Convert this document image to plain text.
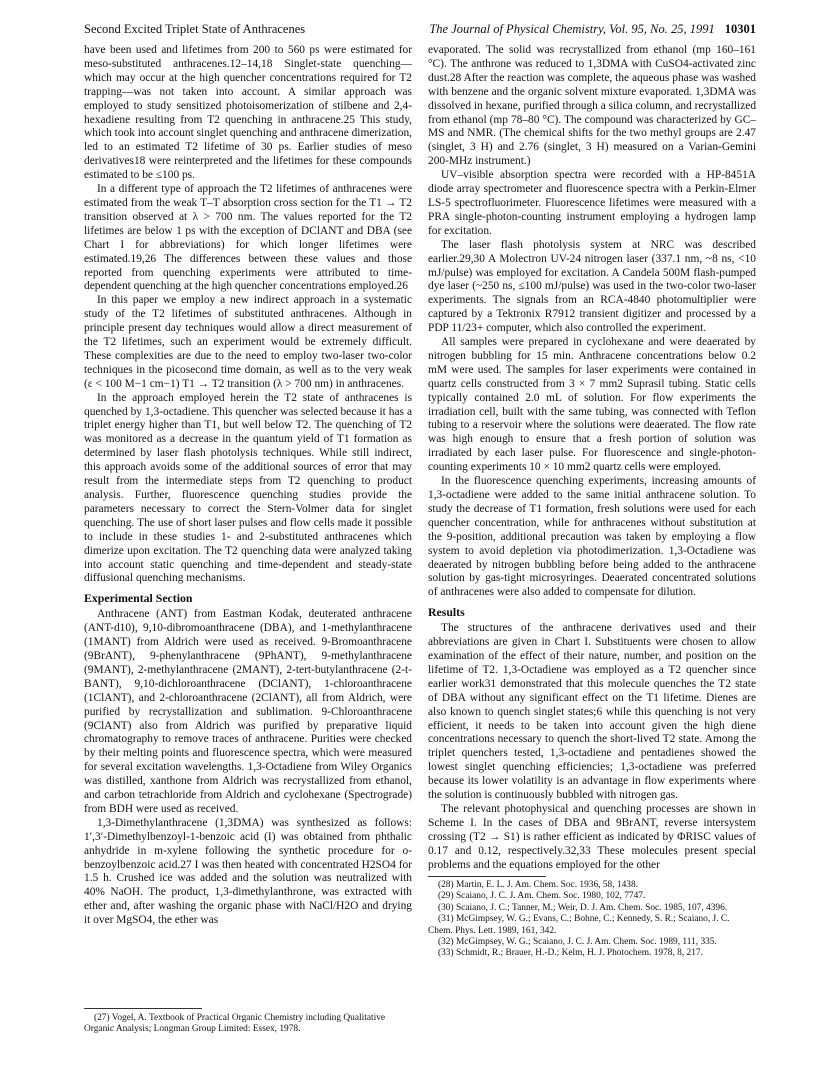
Second Excited Triplet State of Anthracenes	The Journal of Physical Chemistry, Vol. 95, No. 25, 1991 10301

have been used and lifetimes from 200 to 560 ps were estimated for meso-substituted anthracenes.12–14,18 Singlet-state quenching—which may occur at the high quencher concentrations required for T2 trapping—was not taken into account. A similar approach was employed to study sensitized photoisomerization of stilbene and 2,4-hexadiene resulting from T2 quenching in anthracene.25 This study, which took into account singlet quenching and anthracene dimerization, led to an estimated T2 lifetime of 30 ps. Earlier studies of meso derivatives18 were reinterpreted and the lifetimes for these compounds estimated to be ≤100 ps.

In a different type of approach the T2 lifetimes of anthracenes were estimated from the weak T–T absorption cross section for the T1 → T2 transition observed at λ > 700 nm. The values reported for the T2 lifetimes are below 1 ps with the exception of DClANT and DBA (see Chart I for abbreviations) for which longer lifetimes were estimated.19,26 The differences between these values and those reported from quenching experiments were attributed to time-dependent quenching at the high quencher concentrations employed.26

In this paper we employ a new indirect approach in a systematic study of the T2 lifetimes of substituted anthracenes. Although in principle present day techniques would allow a direct measurement of the T2 lifetimes, such an experiment would be extremely difficult. These complexities are due to the need to employ two-laser two-color techniques in the picosecond time domain, as well as to the very weak (ε < 100 M−1 cm−1) T1 → T2 transition (λ > 700 nm) in anthracenes.

In the approach employed herein the T2 state of anthracenes is quenched by 1,3-octadiene. This quencher was selected because it has a triplet energy higher than T1, but well below T2. The quenching of T2 was monitored as a decrease in the quantum yield of T1 formation as determined by laser flash photolysis techniques. While still indirect, this approach avoids some of the additional sources of error that may result from the intermediate steps from T2 quenching to product analysis. Further, fluorescence quenching studies provide the parameters necessary to correct the Stern-Volmer data for singlet quenching. The use of short laser pulses and flow cells made it possible to include in these studies 1- and 2-substituted anthracenes which dimerize upon excitation. The T2 quenching data were analyzed taking into account static quenching and time-dependent and steady-state diffusional quenching mechanisms.

Experimental Section

Anthracene (ANT) from Eastman Kodak, deuterated anthracene (ANT-d10), 9,10-dibromoanthracene (DBA), and 1-methylanthracene (1MANT) from Aldrich were used as received. 9-Bromoanthracene (9BrANT), 9-phenylanthracene (9PhANT), 9-methylanthracene (9MANT), 2-methylanthracene (2MANT), 2-tert-butylanthracene (2-t-BANT), 9,10-dichloroanthracene (DClANT), 1-chloroanthracene (1ClANT), and 2-chloroanthracene (2ClANT), all from Aldrich, were purified by recrystallization and sublimation. 9-Chloroanthracene (9ClANT) also from Aldrich was purified by preparative liquid chromatography to remove traces of anthracene. Purities were checked by their melting points and fluorescence spectra, which were measured for several excitation wavelengths. 1,3-Octadiene from Wiley Organics was distilled, xanthone from Aldrich was recrystallized from ethanol, and carbon tetrachloride from Aldrich and cyclohexane (Spectrograde) from BDH were used as received.

1,3-Dimethylanthracene (1,3DMA) was synthesized as follows: 1′,3′-Dimethylbenzoyl-1-benzoic acid (I) was obtained from phthalic anhydride in m-xylene following the synthetic procedure for o-benzoylbenzoic acid.27 I was then heated with concentrated H2SO4 for 1.5 h. Crushed ice was added and the solution was neutralized with 40% NaOH. The product, 1,3-dimethylanthrone, was extracted with ether and, after washing the organic phase with NaCl/H2O and drying it over MgSO4, the ether was

(27) Vogel, A. Textbook of Practical Organic Chemistry including Qualitative Organic Analysis; Longman Group Limited: Essex, 1978.

evaporated. The solid was recrystallized from ethanol (mp 160–161 °C). The anthrone was reduced to 1,3DMA with CuSO4-activated zinc dust.28 After the reaction was complete, the aqueous phase was washed with benzene and the organic solvent mixture evaporated. 1,3DMA was dissolved in hexane, purified through a silica column, and recrystallized from ethanol (mp 78–80 °C). The compound was characterized by GC–MS and NMR. (The chemical shifts for the two methyl groups are 2.47 (singlet, 3 H) and 2.76 (singlet, 3 H) measured on a Varian-Gemini 200-MHz instrument.)

UV–visible absorption spectra were recorded with a HP-8451A diode array spectrometer and fluorescence spectra with a Perkin-Elmer LS-5 spectrofluorimeter. Fluorescence lifetimes were measured with a PRA single-photon-counting instrument employing a hydrogen lamp for excitation.

The laser flash photolysis system at NRC was described earlier.29,30 A Molectron UV-24 nitrogen laser (337.1 nm, ~8 ns, <10 mJ/pulse) was employed for excitation. A Candela 500M flash-pumped dye laser (~250 ns, ≤100 mJ/pulse) was used in the two-color two-laser experiments. The signals from an RCA-4840 photomultiplier were captured by a Tektronix R7912 transient digitizer and processed by a PDP 11/23+ computer, which also controlled the experiment.

All samples were prepared in cyclohexane and were deaerated by nitrogen bubbling for 15 min. Anthracene concentrations below 0.2 mM were used. The samples for laser experiments were contained in quartz cells constructed from 3 × 7 mm2 Suprasil tubing. Static cells typically contained 2.0 mL of solution. For flow experiments the irradiation cell, built with the same tubing, was connected with Teflon tubing to a reservoir where the solutions were deaerated. The flow rate was high enough to ensure that a fresh portion of solution was irradiated by each laser pulse. For fluorescence and single-photon-counting experiments 10 × 10 mm2 quartz cells were employed.

In the fluorescence quenching experiments, increasing amounts of 1,3-octadiene were added to the same initial anthracene solution. To study the decrease of T1 formation, fresh solutions were used for each quencher concentration, while for anthracenes without substitution at the 9-position, additional precaution was taken by employing a flow system to avoid depletion via photodimerization. 1,3-Octadiene was deaerated by nitrogen bubbling before being added to the anthracene solution by gas-tight microsyringes. Deaerated concentrated solutions of anthracenes were also added to compensate for dilution.

Results

The structures of the anthracene derivatives used and their abbreviations are given in Chart I. Substituents were chosen to allow examination of the effect of their nature, number, and position on the lifetime of T2. 1,3-Octadiene was employed as a T2 quencher since earlier work31 demonstrated that this molecule quenches the T2 state of DBA without any significant effect on the T1 lifetime. Dienes are also known to quench singlet states;6 while this quenching is not very efficient, it needs to be taken into account given the high diene concentrations necessary to quench the short-lived T2 state. Among the triplet quenchers tested, 1,3-octadiene and pentadienes showed the lowest singlet quenching efficiencies; 1,3-octadiene was preferred because its lower volatility is an advantage in flow experiments where the solution is continuously bubbled with nitrogen gas.

The relevant photophysical and quenching processes are shown in Scheme I. In the cases of DBA and 9BrANT, reverse intersystem crossing (T2 → S1) is rather efficient as indicated by ΦRISC values of 0.17 and 0.12, respectively.32,33 These molecules present special problems and the equations employed for the other

(28) Martin, E. L. J. Am. Chem. Soc. 1936, 58, 1438.

(29) Scaiano, J. C. J. Am. Chem. Soc. 1980, 102, 7747.

(30) Scaiano, J. C.; Tanner, M.; Weir, D. J. Am. Chem. Soc. 1985, 107, 4396.

(31) McGimpsey, W. G.; Evans, C.; Bohne, C.; Kennedy, S. R.; Scaiano, J. C. Chem. Phys. Lett. 1989, 161, 342.

(32) McGimpsey, W. G.; Scaiano, J. C. J. Am. Chem. Soc. 1989, 111, 335.

(33) Schmidt, R.; Brauer, H.-D.; Kelm, H. J. Photochem. 1978, 8, 217.
